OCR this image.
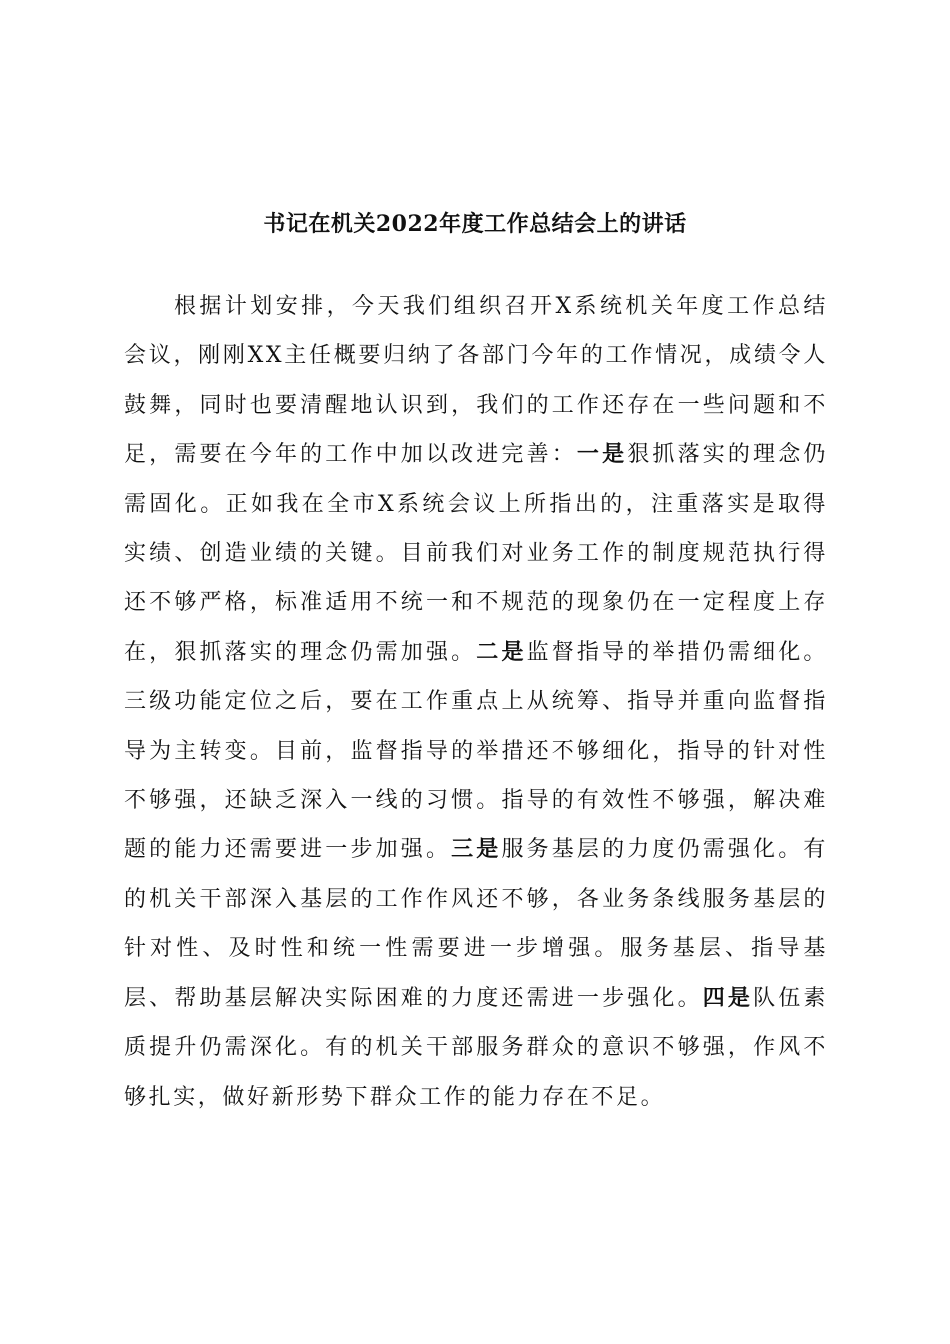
书记在机关2022年度工作总结会上的讲话

根据计划安排，今天我们组织召开X系统机关年度工作总结会议，刚刚XX主任概要归纳了各部门今年的工作情况，成绩令人鼓舞，同时也要清醒地认识到，我们的工作还存在一些问题和不足，需要在今年的工作中加以改进完善：一是狠抓落实的理念仍需固化。正如我在全市X系统会议上所指出的，注重落实是取得实绩、创造业绩的关键。目前我们对业务工作的制度规范执行得还不够严格，标准适用不统一和不规范的现象仍在一定程度上存在，狠抓落实的理念仍需加强。二是监督指导的举措仍需细化。三级功能定位之后，要在工作重点上从统筹、指导并重向监督指导为主转变。目前，监督指导的举措还不够细化，指导的针对性不够强，还缺乏深入一线的习惯。指导的有效性不够强，解决难题的能力还需要进一步加强。三是服务基层的力度仍需强化。有的机关干部深入基层的工作作风还不够，各业务条线服务基层的针对性、及时性和统一性需要进一步增强。服务基层、指导基层、帮助基层解决实际困难的力度还需进一步强化。四是队伍素质提升仍需深化。有的机关干部服务群众的意识不够强，作风不够扎实，做好新形势下群众工作的能力存在不足。
